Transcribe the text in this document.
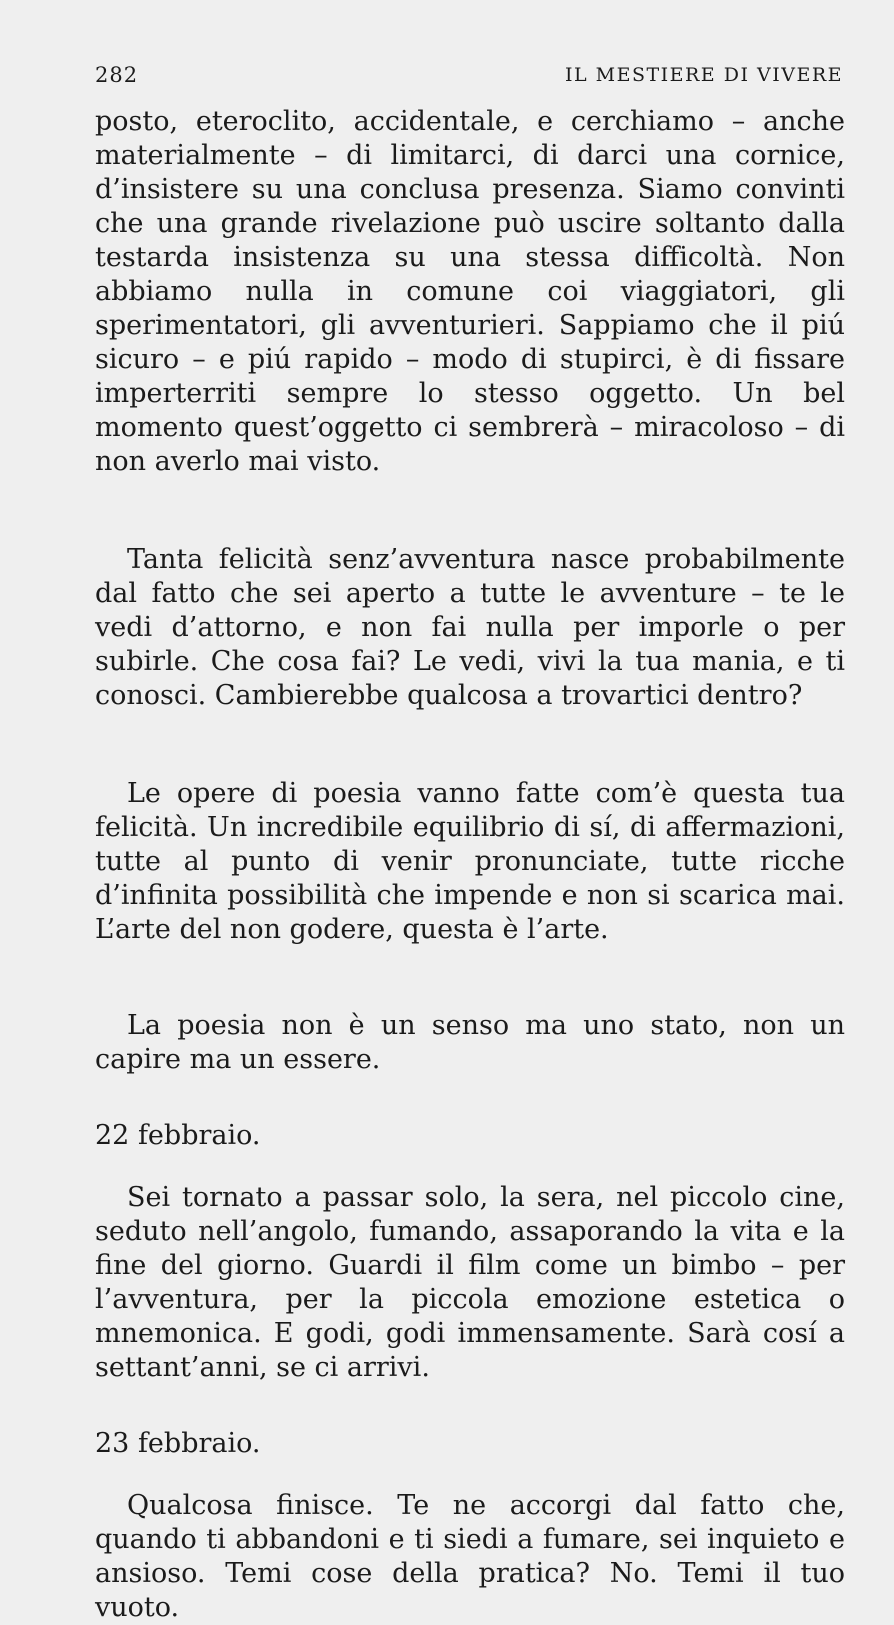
282	IL MESTIERE DI VIVERE

posto, eteroclito, accidentale, e cerchiamo – anche materialmente – di limitarci, di darci una cornice, d’insistere su una conclusa presenza. Siamo convinti che una grande rivelazione può uscire soltanto dalla testarda insistenza su una stessa difficoltà. Non abbiamo nulla in comune coi viaggiatori, gli sperimentatori, gli avventurieri. Sappiamo che il piú sicuro – e piú rapido – modo di stupirci, è di fissare imperterriti sempre lo stesso oggetto. Un bel momento quest’oggetto ci sembrerà – miracoloso – di non averlo mai visto.

Tanta felicità senz’avventura nasce probabilmente dal fatto che sei aperto a tutte le avventure – te le vedi d’attorno, e non fai nulla per imporle o per subirle. Che cosa fai? Le vedi, vivi la tua mania, e ti conosci. Cambierebbe qualcosa a trovartici dentro?

Le opere di poesia vanno fatte com’è questa tua felicità. Un incredibile equilibrio di sí, di affermazioni, tutte al punto di venir pronunciate, tutte ricche d’infinita possibilità che impende e non si scarica mai. L’arte del non godere, questa è l’arte.

La poesia non è un senso ma uno stato, non un capire ma un essere.

22 febbraio.

Sei tornato a passar solo, la sera, nel piccolo cine, seduto nell’angolo, fumando, assaporando la vita e la fine del giorno. Guardi il film come un bimbo – per l’avventura, per la piccola emozione estetica o mnemonica. E godi, godi immensamente. Sarà cosí a settant’anni, se ci arrivi.

23 febbraio.

Qualcosa finisce. Te ne accorgi dal fatto che, quando ti abbandoni e ti siedi a fumare, sei inquieto e ansioso. Temi cose della pratica? No. Temi il tuo vuoto.
